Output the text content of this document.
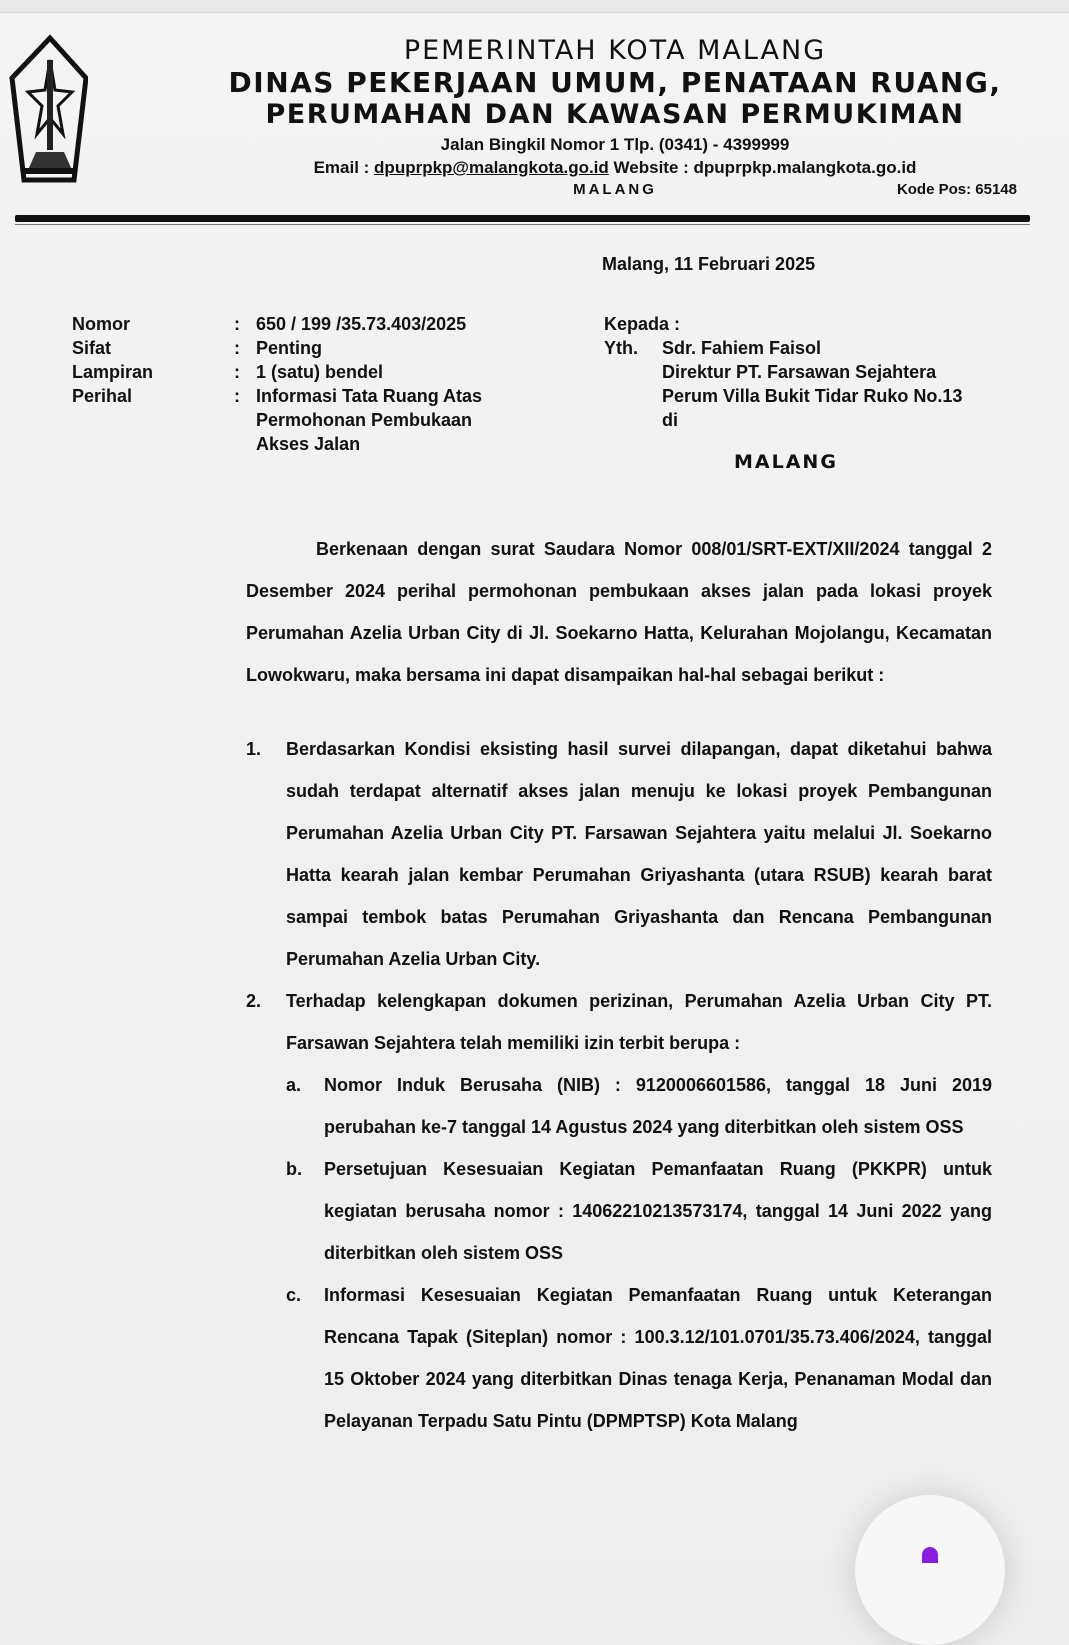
PEMERINTAH KOTA MALANG
DINAS PEKERJAAN UMUM, PENATAAN RUANG,
PERUMAHAN DAN KAWASAN PERMUKIMAN
Jalan Bingkil Nomor 1 Tlp. (0341) - 4399999
Email : dpuprpkp@malangkota.go.id Website : dpuprpkp.malangkota.go.id
MALANG	Kode Pos: 65148
Malang, 11 Februari 2025
Nomor	: 650 / 199 /35.73.403/2025
Sifat	: Penting
Lampiran	: 1 (satu) bendel
Perihal	: Informasi Tata Ruang Atas
Permohonan Pembukaan
Akses Jalan
Kepada :
Yth.	Sdr. Fahiem Faisol
Direktur PT. Farsawan Sejahtera
Perum Villa Bukit Tidar Ruko No.13
di
MALANG
Berkenaan dengan surat Saudara Nomor 008/01/SRT-EXT/XII/2024 tanggal 2 Desember 2024 perihal permohonan pembukaan akses jalan pada lokasi proyek Perumahan Azelia Urban City di Jl. Soekarno Hatta, Kelurahan Mojolangu, Kecamatan Lowokwaru, maka bersama ini dapat disampaikan hal-hal sebagai berikut :
1.	Berdasarkan Kondisi eksisting hasil survei dilapangan, dapat diketahui bahwa sudah terdapat alternatif akses jalan menuju ke lokasi proyek Pembangunan Perumahan Azelia Urban City PT. Farsawan Sejahtera yaitu melalui Jl. Soekarno Hatta kearah jalan kembar Perumahan Griyashanta (utara RSUB) kearah barat sampai tembok batas Perumahan Griyashanta dan Rencana Pembangunan Perumahan Azelia Urban City.
2.	Terhadap kelengkapan dokumen perizinan, Perumahan Azelia Urban City PT. Farsawan Sejahtera telah memiliki izin terbit berupa :
a.	Nomor Induk Berusaha (NIB) : 9120006601586, tanggal 18 Juni 2019 perubahan ke-7 tanggal 14 Agustus 2024 yang diterbitkan oleh sistem OSS
b.	Persetujuan Kesesuaian Kegiatan Pemanfaatan Ruang (PKKPR) untuk kegiatan berusaha nomor : 14062210213573174, tanggal 14 Juni 2022 yang diterbitkan oleh sistem OSS
c.	Informasi Kesesuaian Kegiatan Pemanfaatan Ruang untuk Keterangan Rencana Tapak (Siteplan) nomor : 100.3.12/101.0701/35.73.406/2024, tanggal 15 Oktober 2024 yang diterbitkan Dinas tenaga Kerja, Penanaman Modal dan Pelayanan Terpadu Satu Pintu (DPMPTSP) Kota Malang
